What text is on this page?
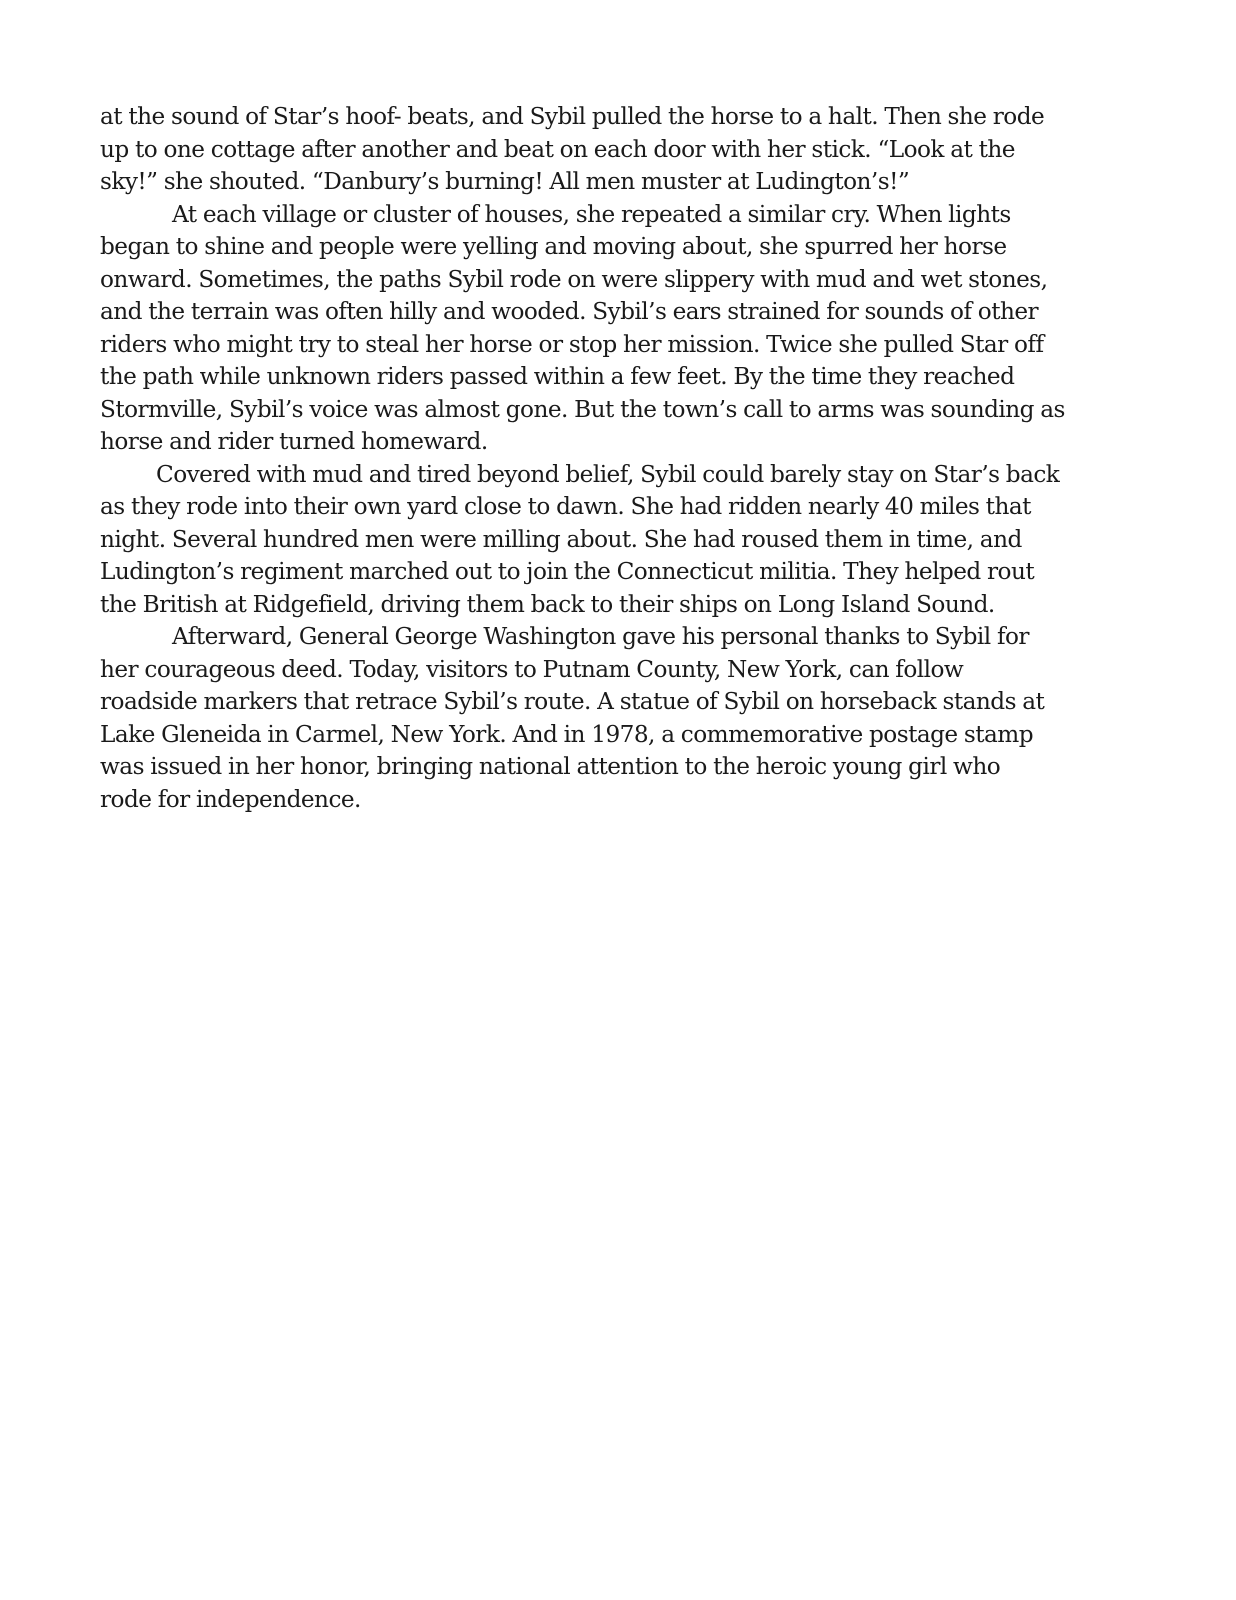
at the sound of Star’s hoof- beats, and Sybil pulled the horse to a halt. Then she rode
up to one cottage after another and beat on each door with her stick. “Look at the
sky!” she shouted. “Danbury’s burning! All men muster at Ludington’s!”
At each village or cluster of houses, she repeated a similar cry. When lights
began to shine and people were yelling and moving about, she spurred her horse
onward. Sometimes, the paths Sybil rode on were slippery with mud and wet stones,
and the terrain was often hilly and wooded. Sybil’s ears strained for sounds of other
riders who might try to steal her horse or stop her mission. Twice she pulled Star off
the path while unknown riders passed within a few feet. By the time they reached
Stormville, Sybil’s voice was almost gone. But the town’s call to arms was sounding as
horse and rider turned homeward.
Covered with mud and tired beyond belief, Sybil could barely stay on Star’s back
as they rode into their own yard close to dawn. She had ridden nearly 40 miles that
night. Several hundred men were milling about. She had roused them in time, and
Ludington’s regiment marched out to join the Connecticut militia. They helped rout
the British at Ridgefield, driving them back to their ships on Long Island Sound.
Afterward, General George Washington gave his personal thanks to Sybil for
her courageous deed. Today, visitors to Putnam County, New York, can follow
roadside markers that retrace Sybil’s route. A statue of Sybil on horseback stands at
Lake Gleneida in Carmel, New York. And in 1978, a commemorative postage stamp
was issued in her honor, bringing national attention to the heroic young girl who
rode for independence.
